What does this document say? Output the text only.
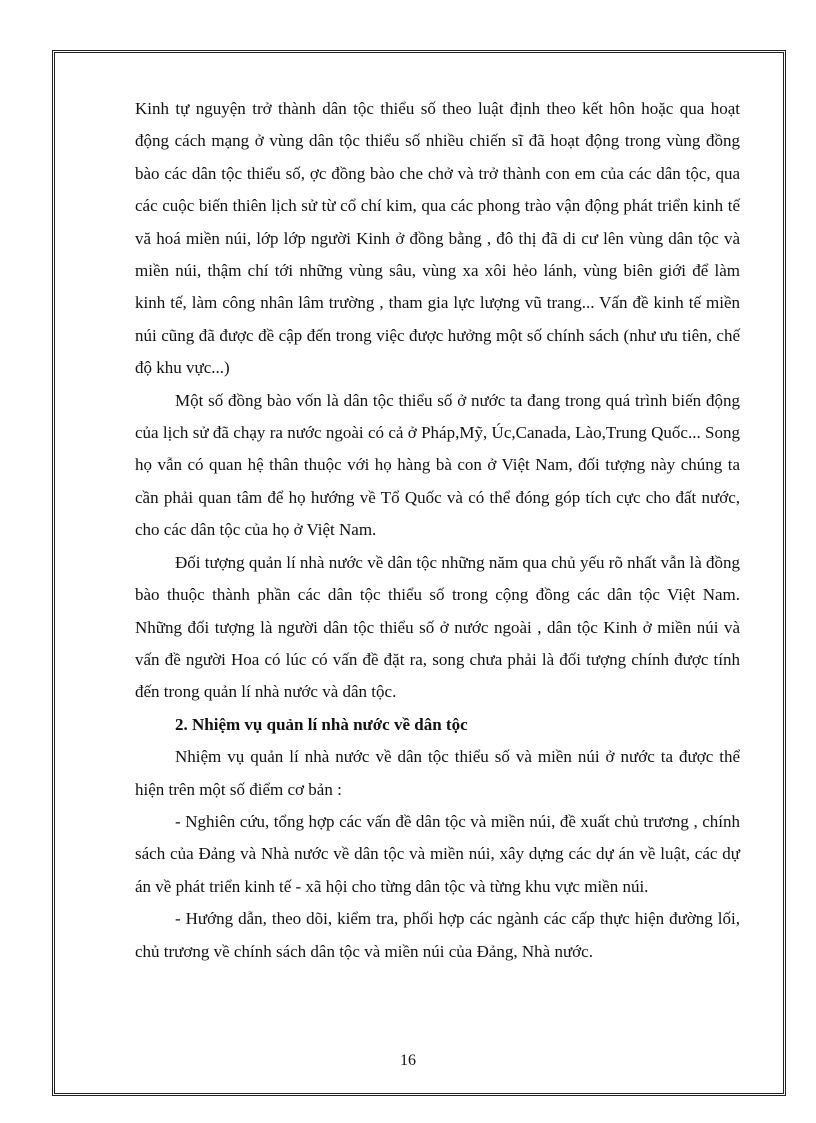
Kinh tự nguyện trở thành dân tộc thiểu số theo luật định theo kết hôn hoặc qua hoạt động cách mạng ở vùng dân tộc thiểu số nhiều chiến sĩ đã hoạt động trong vùng đồng bào các dân tộc thiểu số, ợc đồng bào che chở và trở thành con em của các dân tộc, qua các cuộc biến thiên lịch sử từ cổ chí kim, qua các phong trào vận động phát triển kinh tế vă hoá miền núi, lớp lớp người Kinh ở đồng bằng , đô thị đã di cư lên vùng dân tộc và miền núi, thậm chí tới những vùng sâu, vùng xa xôi hẻo lánh, vùng biên giới để làm kinh tế, làm công nhân lâm trường , tham gia lực lượng vũ trang... Vấn đề kinh tế miền núi cũng đã được đề cập đến trong việc được hưởng một số chính sách (như ưu tiên, chế độ khu vực...)

Một số đồng bào vốn là dân tộc thiểu số ở nước ta đang trong quá trình biến động của lịch sử đã chạy ra nước ngoài có cả ở Pháp,Mỹ, Úc,Canada, Lào,Trung Quốc... Song họ vẫn có quan hệ thân thuộc với họ hàng bà con ở Việt Nam, đối tượng này chúng ta cần phải quan tâm để họ hướng về Tổ Quốc và có thể đóng góp tích cực cho đất nước, cho các dân tộc của họ ở Việt Nam.

Đối tượng quản lí nhà nước về dân tộc những năm qua chủ yếu rõ nhất vẫn là đồng bào thuộc thành phần các dân tộc thiểu số trong cộng đồng các dân tộc Việt Nam. Những đối tượng là người dân tộc thiểu số ở nước ngoài , dân tộc Kinh ở miền núi và vấn đề người Hoa có lúc có vấn đề đặt ra, song chưa phải là đối tượng chính được tính đến trong quản lí nhà nước và dân tộc.

2. Nhiệm vụ quản lí nhà nước về dân tộc

Nhiệm vụ quản lí nhà nước về dân tộc thiểu số và miền núi ở nước ta được thể hiện trên một số điểm cơ bản :

- Nghiên cứu, tổng hợp các vấn đề dân tộc và miền núi, đề xuất chủ trương , chính sách của Đảng và Nhà nước về dân tộc và miền núi, xây dựng các dự án về luật, các dự án về phát triển kinh tế - xã hội cho từng dân tộc và từng khu vực miền núi.

- Hướng dẫn, theo dõi, kiểm tra, phối hợp các ngành các cấp thực hiện đường lối, chủ trương về chính sách dân tộc và miền núi của Đảng, Nhà nước.

16
